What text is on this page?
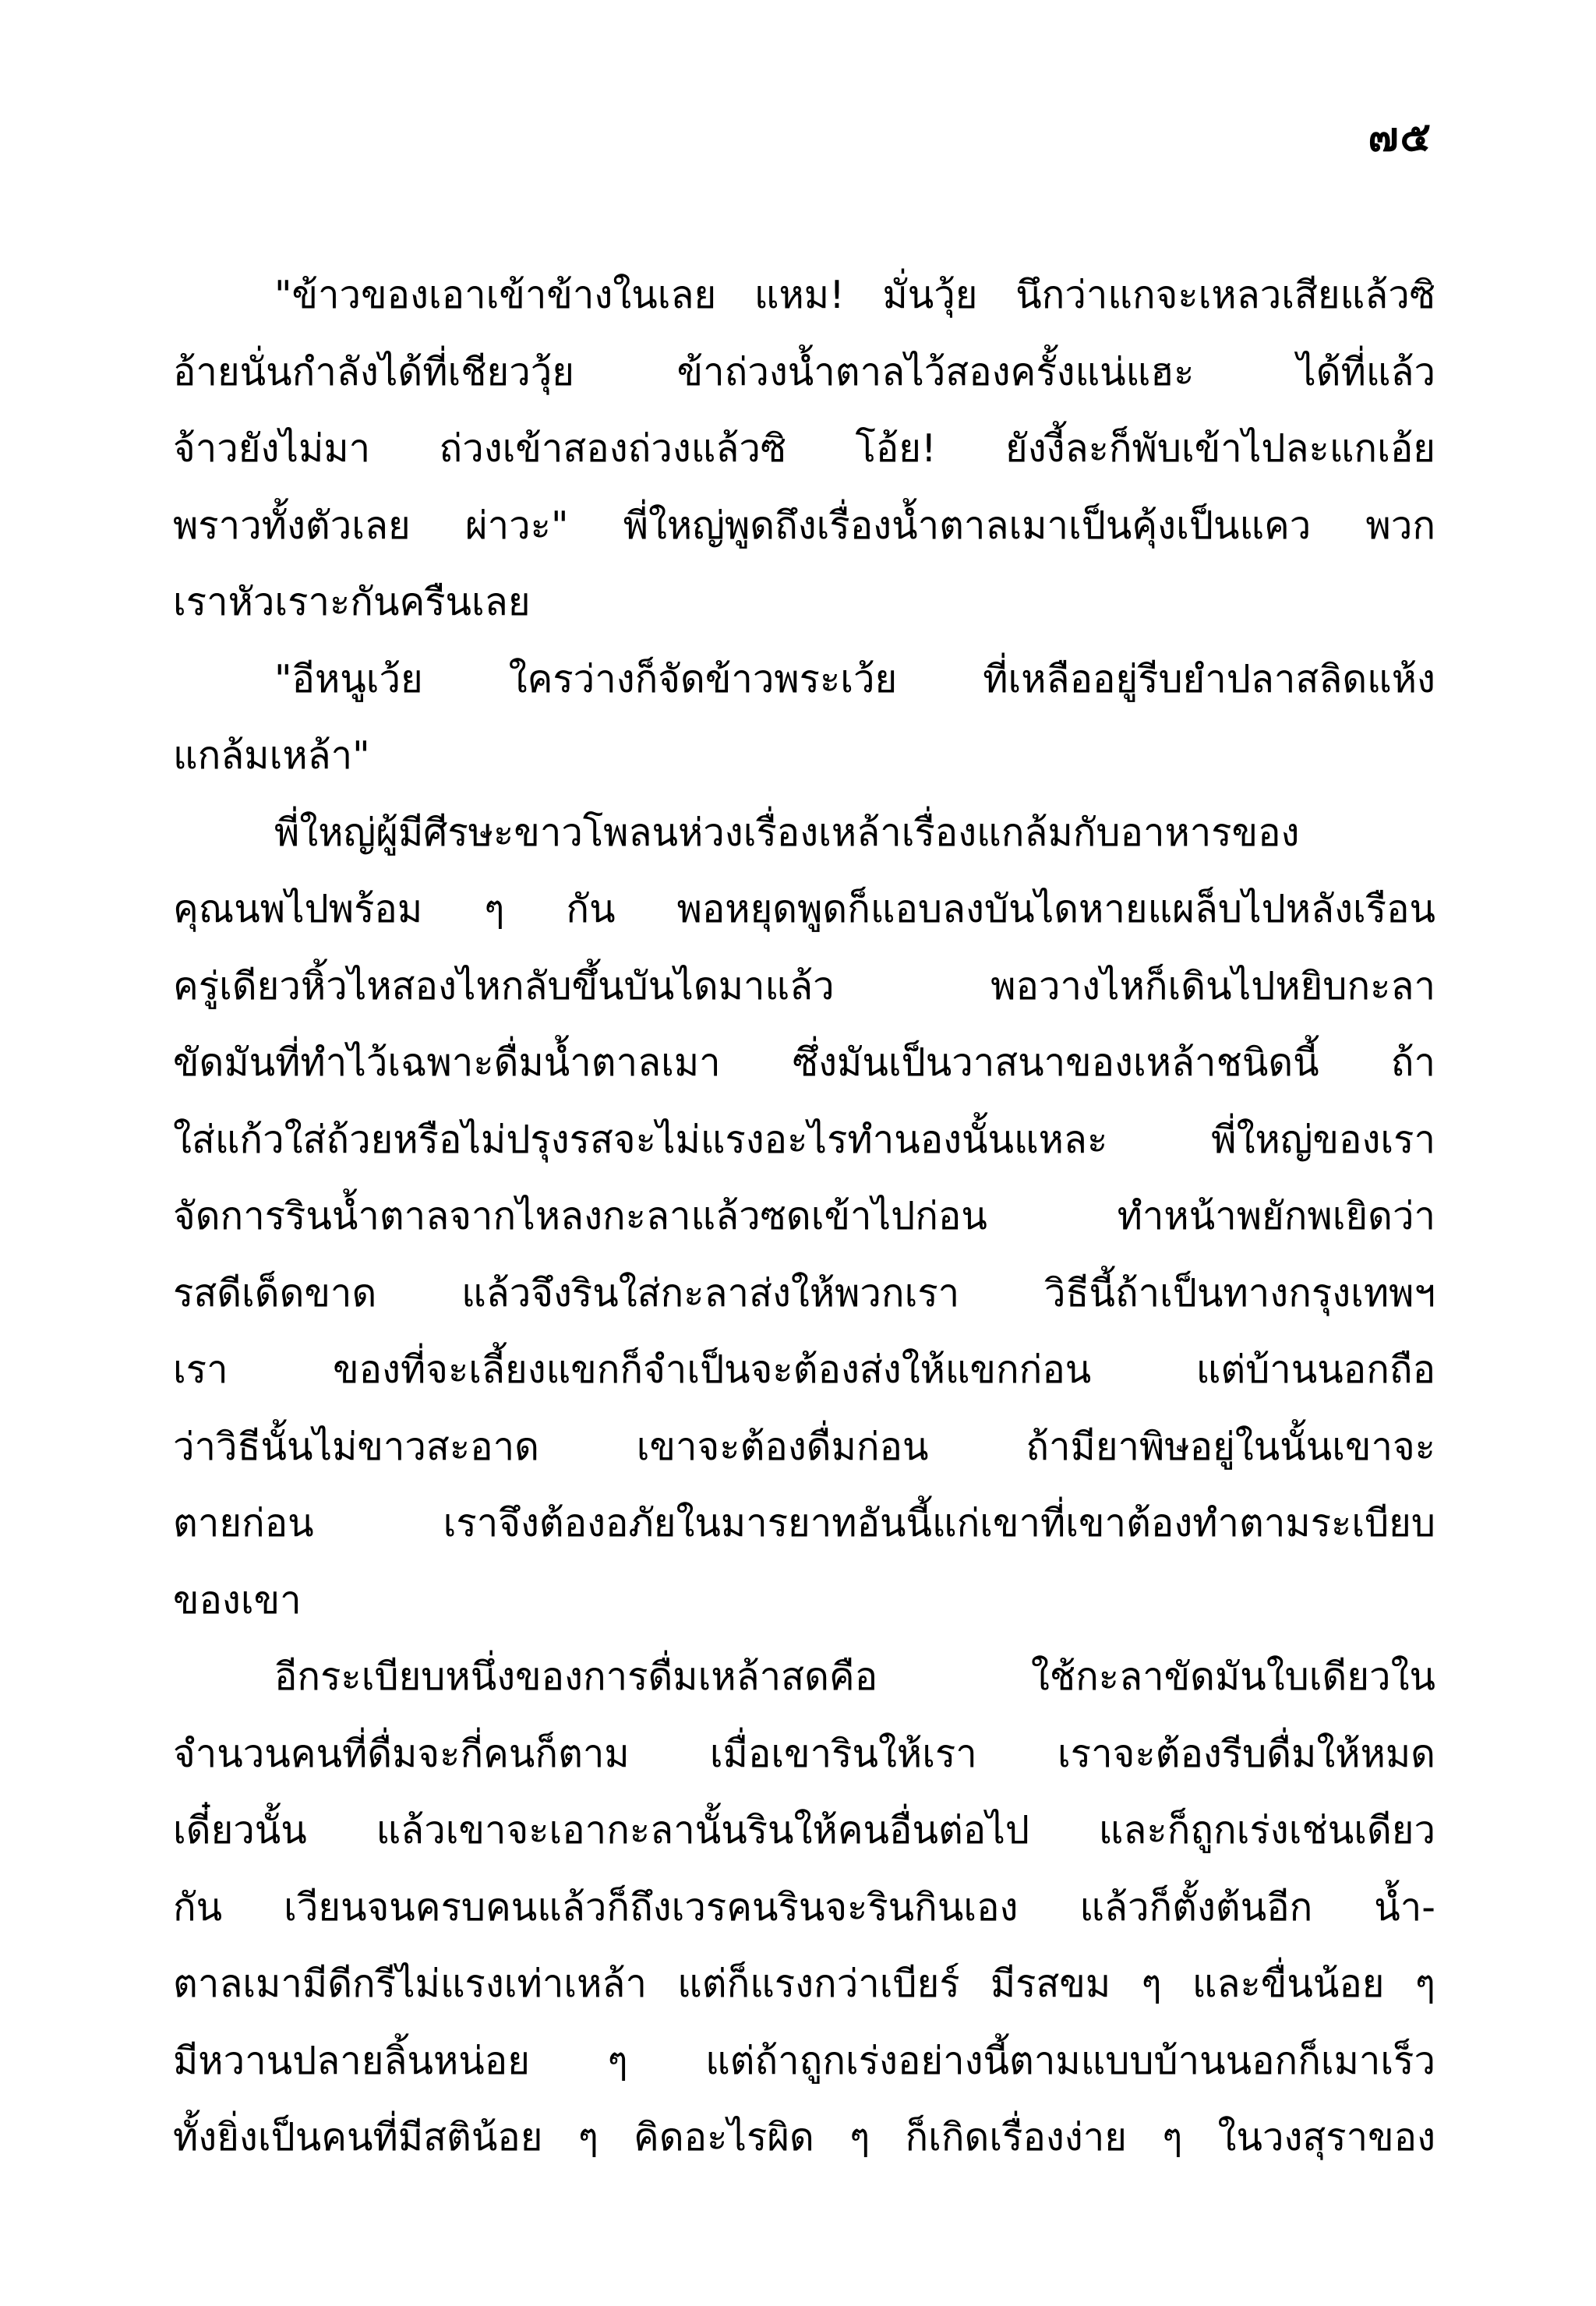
๗๕
"ข้าวของเอาเข้าข้างในเลย แหม! มั่นวุ้ย นึกว่าแกจะเหลวเสียแล้วซิ
อ้ายนั่นกำลังได้ที่เชียววุ้ย ข้าถ่วงน้ำตาลไว้สองครั้งแน่แฮะ ได้ที่แล้ว
จ้าวยังไม่มา ถ่วงเข้าสองถ่วงแล้วซิ โอ้ย! ยังงี้ละก็พับเข้าไปละแกเอ้ย
พราวทั้งตัวเลย ผ่าวะ" พี่ใหญ่พูดถึงเรื่องน้ำตาลเมาเป็นคุ้งเป็นแคว พวก
เราหัวเราะกันครืนเลย
"อีหนูเว้ย ใครว่างก็จัดข้าวพระเว้ย ที่เหลืออยู่รีบยำปลาสลิดแห้ง
แกล้มเหล้า"
พี่ใหญ่ผู้มีศีรษะขาวโพลนห่วงเรื่องเหล้าเรื่องแกล้มกับอาหารของ
คุณนพไปพร้อม ๆ กัน พอหยุดพูดก็แอบลงบันไดหายแผล็บไปหลังเรือน
ครู่เดียวหิ้วไหสองไหกลับขึ้นบันไดมาแล้ว พอวางไหก็เดินไปหยิบกะลา
ขัดมันที่ทำไว้เฉพาะดื่มน้ำตาลเมา ซึ่งมันเป็นวาสนาของเหล้าชนิดนี้ ถ้า
ใส่แก้วใส่ถ้วยหรือไม่ปรุงรสจะไม่แรงอะไรทำนองนั้นแหละ พี่ใหญ่ของเรา
จัดการรินน้ำตาลจากไหลงกะลาแล้วซดเข้าไปก่อน ทำหน้าพยักพเยิดว่า
รสดีเด็ดขาด แล้วจึงรินใส่กะลาส่งให้พวกเรา วิธีนี้ถ้าเป็นทางกรุงเทพฯ
เรา ของที่จะเลี้ยงแขกก็จำเป็นจะต้องส่งให้แขกก่อน แต่บ้านนอกถือ
ว่าวิธีนั้นไม่ขาวสะอาด เขาจะต้องดื่มก่อน ถ้ามียาพิษอยู่ในนั้นเขาจะ
ตายก่อน เราจึงต้องอภัยในมารยาทอันนี้แก่เขาที่เขาต้องทำตามระเบียบ
ของเขา
อีกระเบียบหนึ่งของการดื่มเหล้าสดคือ ใช้กะลาขัดมันใบเดียวใน
จำนวนคนที่ดื่มจะกี่คนก็ตาม เมื่อเขารินให้เรา เราจะต้องรีบดื่มให้หมด
เดี๋ยวนั้น แล้วเขาจะเอากะลานั้นรินให้คนอื่นต่อไป และก็ถูกเร่งเช่นเดียว
กัน เวียนจนครบคนแล้วก็ถึงเวรคนรินจะรินกินเอง แล้วก็ตั้งต้นอีก น้ำ-
ตาลเมามีดีกรีไม่แรงเท่าเหล้า แต่ก็แรงกว่าเบียร์ มีรสขม ๆ และขื่นน้อย ๆ
มีหวานปลายลิ้นหน่อย ๆ แต่ถ้าถูกเร่งอย่างนี้ตามแบบบ้านนอกก็เมาเร็ว
ทั้งยิ่งเป็นคนที่มีสติน้อย ๆ คิดอะไรผิด ๆ ก็เกิดเรื่องง่าย ๆ ในวงสุราของ
